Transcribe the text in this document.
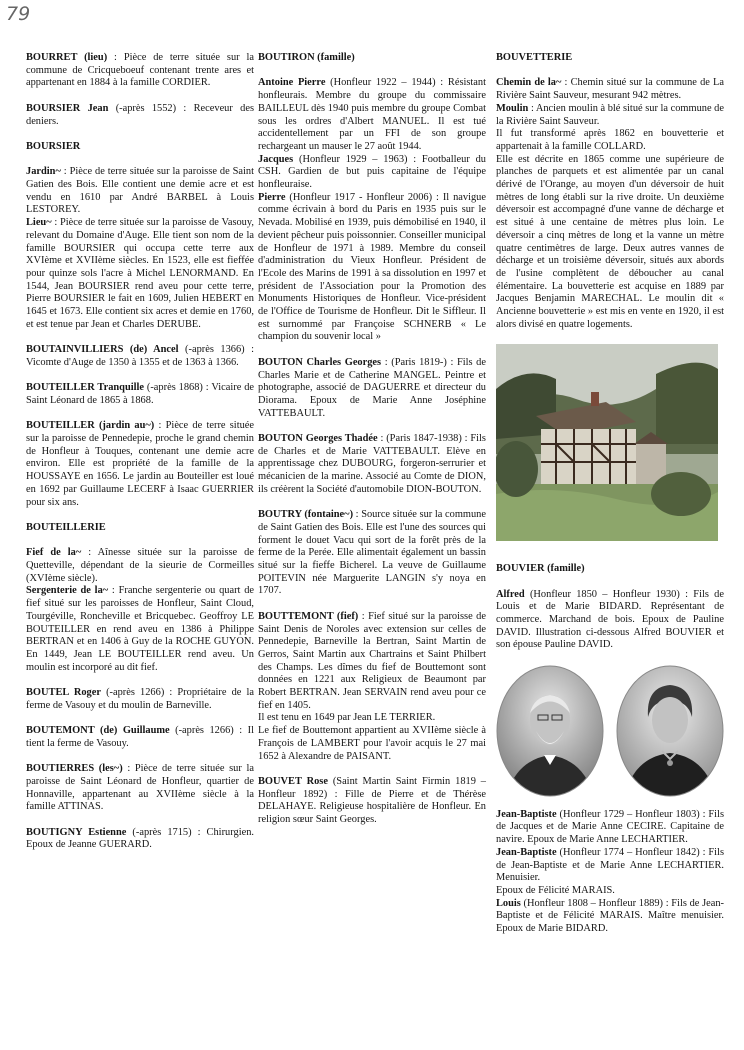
79
BOURRET (lieu) : Pièce de terre située sur la commune de Cricqueboeuf contenant trente ares et appartenant en 1884 à la famille CORDIER.
BOURSIER Jean (-après 1552) : Receveur des deniers.
BOURSIER
Jardin~ : Pièce de terre située sur la paroisse de Saint Gatien des Bois. Elle contient une demie acre et est vendu en 1610 par André BARBEL à Louis LESTOREY.
Lieu~ : Pièce de terre située sur la paroisse de Vasouy, relevant du Domaine d'Auge. Elle tient son nom de la famille BOURSIER qui occupa cette terre aux XVIème et XVIIème siècles. En 1523, elle est fieffée pour quinze sols l'acre à Michel LENORMAND. En 1544, Jean BOURSIER rend aveu pour cette terre, Pierre BOURSIER le fait en 1609, Julien HEBERT en 1645 et 1673. Elle contient six acres et demie en 1760, et est tenue par Jean et Charles DERUBE.
BOUTAINVILLIERS (de) Ancel (-après 1366) : Vicomte d'Auge de 1350 à 1355 et de 1363 à 1366.
BOUTEILLER Tranquille (-après 1868) : Vicaire de Saint Léonard de 1865 à 1868.
BOUTEILLER (jardin au~) : Pièce de terre située sur la paroisse de Pennedepie, proche le grand chemin de Honfleur à Touques, contenant une demie acre environ. Elle est propriété de la famille de la HOUSSAYE en 1656. Le jardin au Bouteiller est loué en 1692 par Guillaume LECERF à Isaac GUERRIER pour six ans.
BOUTEILLERIE
Fief de la~ : Aînesse située sur la paroisse de Quetteville, dépendant de la sieurie de Cormeilles (XVIème siècle).
Sergenterie de la~ : Franche sergenterie ou quart de fief situé sur les paroisses de Honfleur, Saint Cloud, Tourgéville, Roncheville et Bricquebec. Geoffroy LE BOUTEILLER en rend aveu en 1386 à Philippe BERTRAN et en 1406 à Guy de la ROCHE GUYON. En 1449, Jean LE BOUTEILLER rend aveu. Un moulin est incorporé au dit fief.
BOUTEL Roger (-après 1266) : Propriétaire de la ferme de Vasouy et du moulin de Barneville.
BOUTEMONT (de) Guillaume (-après 1266) : Il tient la ferme de Vasouy.
BOUTIERRES (les~) : Pièce de terre située sur la paroisse de Saint Léonard de Honfleur, quartier de Honnaville, appartenant au XVIIème siècle à la famille ATTINAS.
BOUTIGNY Estienne (-après 1715) : Chirurgien. Epoux de Jeanne GUERARD.
BOUTIRON (famille)
Antoine Pierre (Honfleur 1922 – 1944) : Résistant honfleurais. Membre du groupe du commissaire BAILLEUL dès 1940 puis membre du groupe Combat sous les ordres d'Albert MANUEL. Il est tué accidentellement par un FFI de son groupe rechargeant un mauser le 27 août 1944.
Jacques (Honfleur 1929 – 1963) : Footballeur du CSH. Gardien de but puis capitaine de l'équipe honfleuraise.
Pierre (Honfleur 1917 - Honfleur 2006) : Il navigue comme écrivain à bord du Paris en 1935 puis sur le Nevada. Mobilisé en 1939, puis démobilisé en 1940, il devient pêcheur puis poissonnier. Conseiller municipal de Honfleur de 1971 à 1989. Membre du conseil d'administration du Vieux Honfleur. Président de l'Ecole des Marins de 1991 à sa dissolution en 1997 et président de l'Association pour la Promotion des Monuments Historiques de Honfleur. Vice-président de l'Office de Tourisme de Honfleur. Dit le Siffleur. Il est surnommé par Françoise SCHNERB « Le champion du souvenir local »
BOUTON Charles Georges : (Paris 1819-) : Fils de Charles Marie et de Catherine MANGEL. Peintre et photographe, associé de DAGUERRE et directeur du Diorama. Epoux de Marie Anne Joséphine VATTEBAULT.
BOUTON Georges Thadée : (Paris 1847-1938) : Fils de Charles et de Marie VATTEBAULT. Elève en apprentissage chez DUBOURG, forgeron-serrurier et mécanicien de la marine. Associé au Comte de DION, ils créèrent la Société d'automobile DION-BOUTON.
BOUTRY (fontaine~) : Source située sur la commune de Saint Gatien des Bois. Elle est l'une des sources qui forment le douet Vacu qui sort de la forêt près de la ferme de la Perée. Elle alimentait également un bassin situé sur la fieffe Bicherel. La veuve de Guillaume POITEVIN née Marguerite LANGIN s'y noya en 1707.
BOUTTEMONT (fief) : Fief situé sur la paroisse de Saint Denis de Noroles avec extension sur celles de Pennedepie, Barneville la Bertran, Saint Martin de Gerros, Saint Martin aux Chartrains et Saint Philbert des Champs. Les dîmes du fief de Bouttemont sont données en 1221 aux Religieux de Beaumont par Robert BERTRAN. Jean SERVAIN rend aveu pour ce fief en 1405.
Il est tenu en 1649 par Jean LE TERRIER.
Le fief de Bouttemont appartient au XVIIème siècle à François de LAMBERT pour l'avoir acquis le 27 mai 1652 à Alexandre de PAISANT.
BOUVET Rose (Saint Martin Saint Firmin 1819 – Honfleur 1892) : Fille de Pierre et de Thérèse DELAHAYE. Religieuse hospitalière de Honfleur. En religion sœur Saint Georges.
BOUVETTERIE
Chemin de la~ : Chemin situé sur la commune de La Rivière Saint Sauveur, mesurant 942 mètres.
Moulin : Ancien moulin à blé situé sur la commune de la Rivière Saint Sauveur.
Il fut transformé après 1862 en bouvetterie et appartenait à la famille COLLARD.
Elle est décrite en 1865 comme une supérieure de planches de parquets et est alimentée par un canal dérivé de l'Orange, au moyen d'un déversoir de huit mètres de long établi sur la rive droite. Un deuxième déversoir est accompagné d'une vanne de décharge et est situé à une centaine de mètres plus loin. Le déversoir a cinq mètres de long et la vanne un mètre quatre centimètres de large. Deux autres vannes de décharge et un troisième déversoir, situés aux abords de l'usine complètent de déboucher au canal élémentaire. La bouvetterie est acquise en 1889 par Jacques Benjamin MARECHAL. Le moulin dit « Ancienne bouvetterie » est mis en vente en 1920, il est alors divisé en quatre logements.
BOUVIER (famille)
Alfred (Honfleur 1850 – Honfleur 1930) : Fils de Louis et de Marie BIDARD. Représentant de commerce. Marchand de bois. Epoux de Pauline DAVID. Illustration ci-dessous Alfred BOUVIER et son épouse Pauline DAVID.
Jean-Baptiste (Honfleur 1729 – Honfleur 1803) : Fils de Jacques et de Marie Anne CECIRE. Capitaine de navire. Epoux de Marie Anne LECHARTIER.
Jean-Baptiste (Honfleur 1774 – Honfleur 1842) : Fils de Jean-Baptiste et de Marie Anne LECHARTIER. Menuisier.
Epoux de Félicité MARAIS.
Louis (Honfleur 1808 – Honfleur 1889) : Fils de Jean-Baptiste et de Félicité MARAIS. Maître menuisier. Epoux de Marie BIDARD.
